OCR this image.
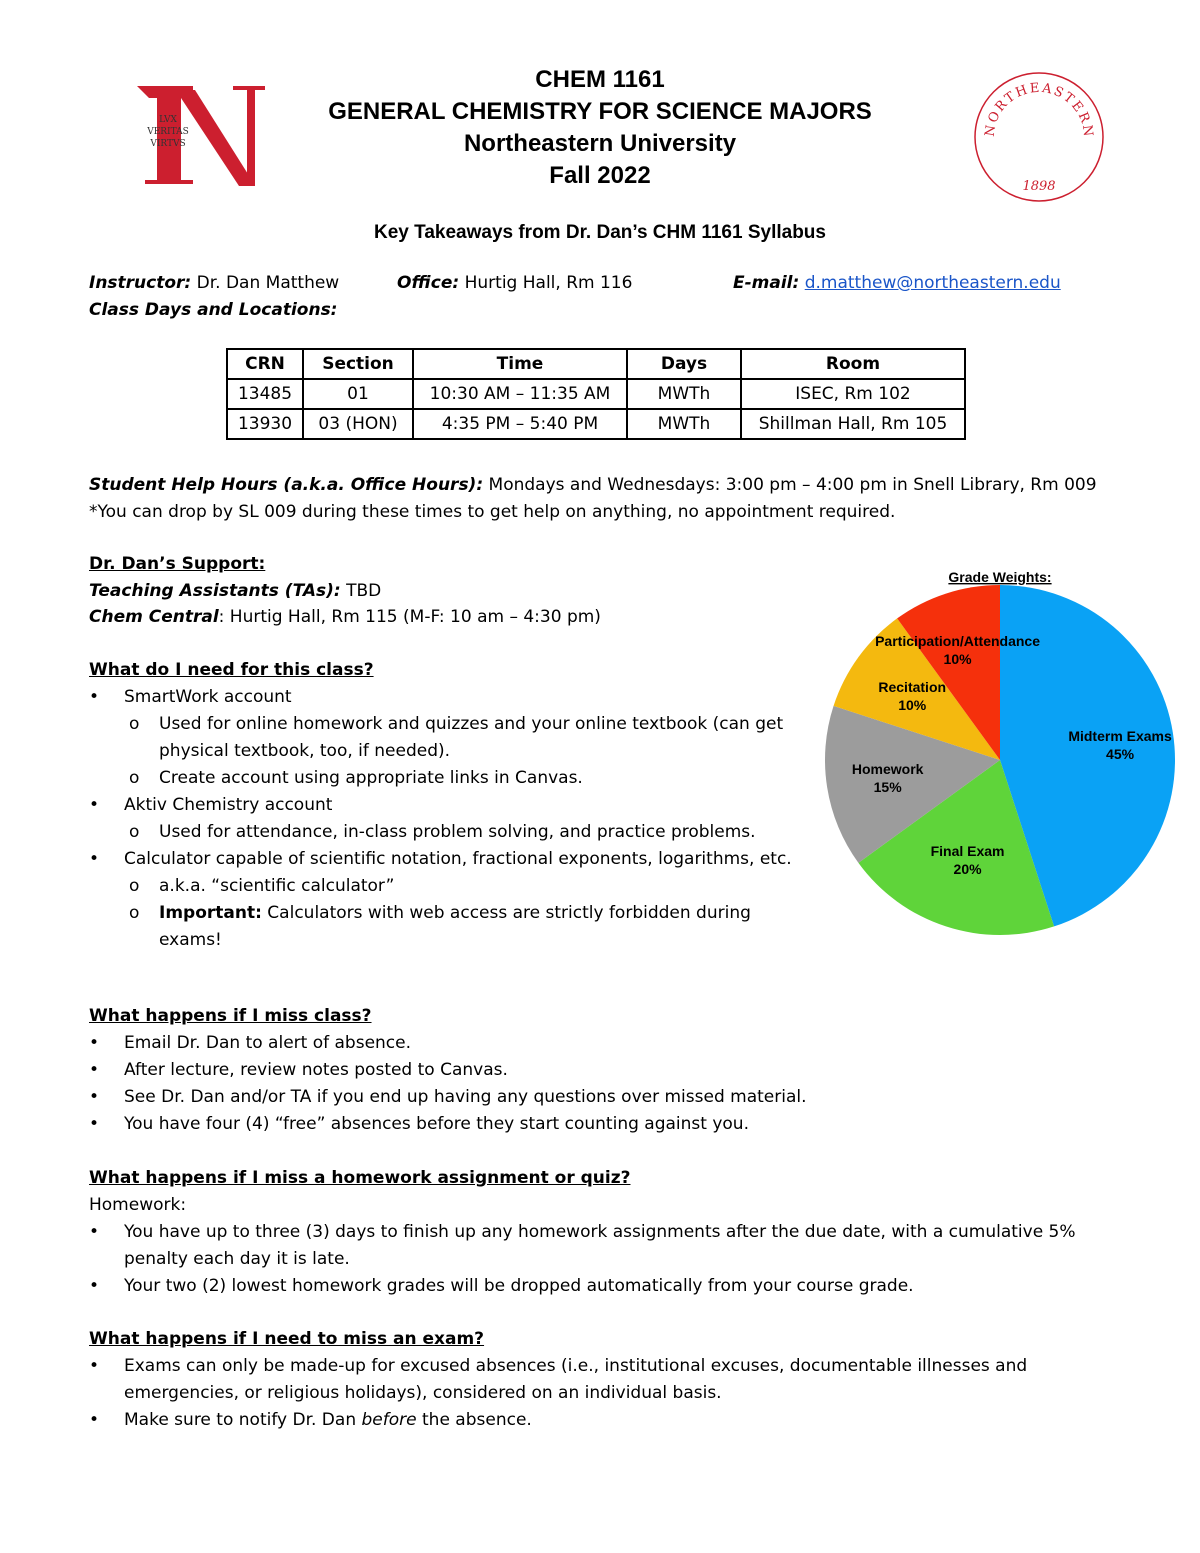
LVX
VERITAS
VIRTVS
NORTHEASTERN
1898
CHEM 1161
GENERAL CHEMISTRY FOR SCIENCE MAJORS
Northeastern University
Fall 2022
Key Takeaways from Dr. Dan’s CHM 1161 Syllabus
Instructor: Dr. Dan Matthew	Office: Hurtig Hall, Rm 116	E-mail: d.matthew@northeastern.edu
Class Days and Locations:
CRN	Section	Time	Days	Room
13485	01	10:30 AM – 11:35 AM	MWTh	ISEC, Rm 102
13930	03 (HON)	4:35 PM – 5:40 PM	MWTh	Shillman Hall, Rm 105
Student Help Hours (a.k.a. Office Hours): Mondays and Wednesdays: 3:00 pm – 4:00 pm in Snell Library, Rm 009
*You can drop by SL 009 during these times to get help on anything, no appointment required.
Dr. Dan’s Support:
Teaching Assistants (TAs): TBD
Chem Central: Hurtig Hall, Rm 115 (M-F: 10 am – 4:30 pm)
What do I need for this class?
• SmartWork account
o Used for online homework and quizzes and your online textbook (can get physical textbook, too, if needed).
o Create account using appropriate links in Canvas.
• Aktiv Chemistry account
o Used for attendance, in-class problem solving, and practice problems.
• Calculator capable of scientific notation, fractional exponents, logarithms, etc.
o a.k.a. “scientific calculator”
o Important: Calculators with web access are strictly forbidden during exams!
What happens if I miss class?
• Email Dr. Dan to alert of absence.
• After lecture, review notes posted to Canvas.
• See Dr. Dan and/or TA if you end up having any questions over missed material.
• You have four (4) “free” absences before they start counting against you.
What happens if I miss a homework assignment or quiz?
Homework:
• You have up to three (3) days to finish up any homework assignments after the due date, with a cumulative 5% penalty each day it is late.
• Your two (2) lowest homework grades will be dropped automatically from your course grade.
What happens if I need to miss an exam?
• Exams can only be made-up for excused absences (i.e., institutional excuses, documentable illnesses and emergencies, or religious holidays), considered on an individual basis.
• Make sure to notify Dr. Dan before the absence.
Grade Weights:
Midterm Exams
45%
Final Exam
20%
Homework
15%
Recitation
10%
Participation/Attendance
10%
